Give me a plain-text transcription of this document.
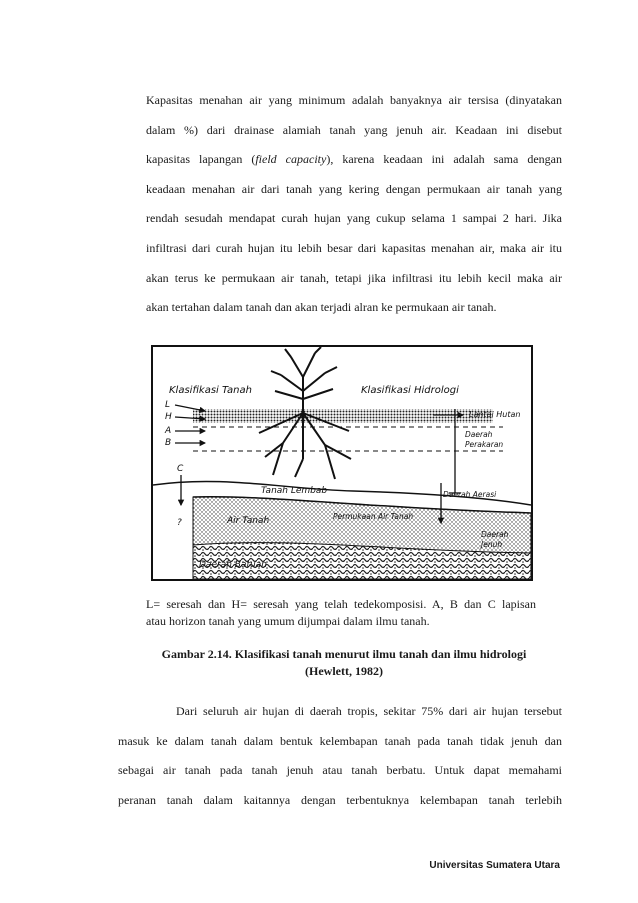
Kapasitas menahan air yang minimum adalah banyaknya air tersisa (dinyatakan
dalam %) dari drainase alamiah tanah yang jenuh air. Keadaan ini disebut
kapasitas lapangan (field capacity), karena keadaan ini adalah sama dengan
keadaan menahan air dari tanah yang kering dengan permukaan air tanah yang
rendah sesudah mendapat curah hujan yang cukup selama 1 sampai 2 hari. Jika
infiltrasi dari curah hujan itu lebih besar dari kapasitas menahan air, maka air itu
akan terus ke permukaan air tanah, tetapi jika infiltrasi itu lebih kecil maka air
akan tertahan dalam tanah dan akan terjadi alran ke permukaan air tanah.
Klasifikasi Tanah	Klasifikasi Hidrologi
L
H
A
B
C
?
Lantai Hutan
Daerah
Perakaran
Tanah Lembab	Daerah Aerasi
Air Tanah	Permukaan Air Tanah
Daerah
Jenuh
Daerah Batuan
L= seresah dan H= seresah yang telah tedekomposisi. A, B dan C lapisan
atau horizon tanah yang umum dijumpai dalam ilmu tanah.
Gambar 2.14. Klasifikasi tanah menurut ilmu tanah dan ilmu hidrologi
(Hewlett, 1982)
Dari seluruh air hujan di daerah tropis, sekitar 75% dari air hujan tersebut
masuk ke dalam tanah dalam bentuk kelembapan tanah pada tanah tidak jenuh dan
sebagai air tanah pada tanah jenuh atau tanah berbatu. Untuk dapat memahami
peranan tanah dalam kaitannya dengan terbentuknya kelembapan tanah terlebih
Universitas Sumatera Utara
